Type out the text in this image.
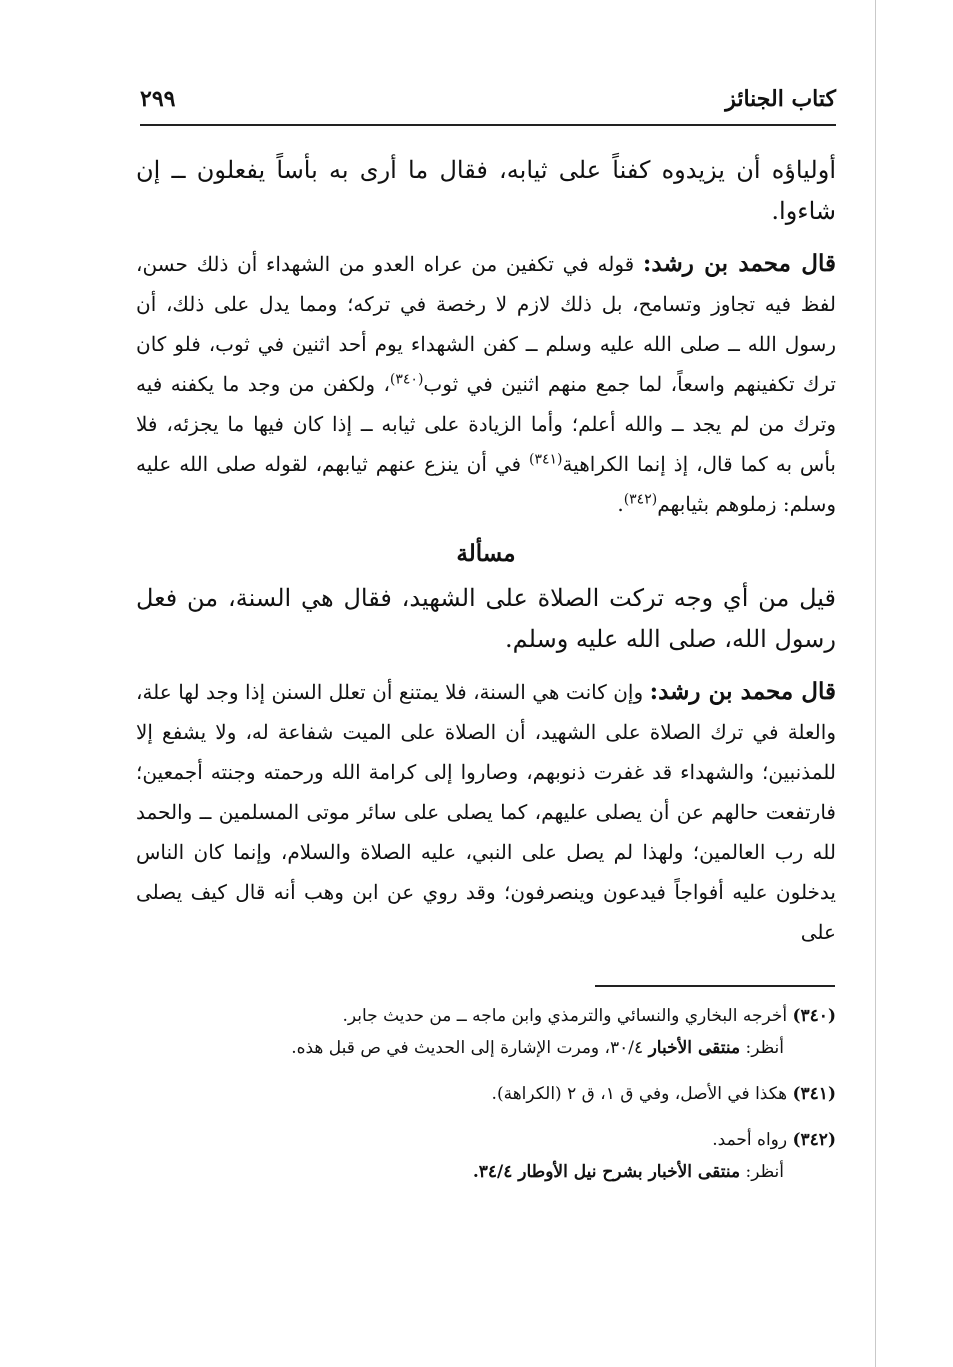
كتاب الجنائز
٢٩٩

أولياؤه أن يزيدوه كفناً على ثيابه، فقال ما أرى به بأساً يفعلون ــ إن شاءوا.

قال محمد بن رشد: قوله في تكفين من عراه العدو من الشهداء أن ذلك حسن، لفظ فيه تجاوز وتسامح، بل ذلك لازم لا رخصة في تركه؛ ومما يدل على ذلك، أن رسول الله ــ صلى الله عليه وسلم ــ كفن الشهداء يوم أحد اثنين في ثوب، فلو كان ترك تكفينهم واسعاً، لما جمع منهم اثنين في ثوب$^{(٣٤٠)}$، ولكفن من وجد ما يكفنه فيه وترك من لم يجد ــ والله أعلم؛ وأما الزيادة على ثيابه ــ إذا كان فيها ما يجزئه، فلا بأس به كما قال، إذ إنما الكراهية$^{(٣٤١)}$ في أن ينزع عنهم ثيابهم، لقوله صلى الله عليه وسلم: زملوهم بثيابهم$^{(٣٤٢)}$.

مسألة

قيل من أي وجه تركت الصلاة على الشهيد، فقال هي السنة، من فعل رسول الله، صلى الله عليه وسلم.

قال محمد بن رشد: وإن كانت هي السنة، فلا يمتنع أن تعلل السنن إذا وجد لها علة، والعلة في ترك الصلاة على الشهيد، أن الصلاة على الميت شفاعة له، ولا يشفع إلا للمذنبين؛ والشهداء قد غفرت ذنوبهم، وصاروا إلى كرامة الله ورحمته وجنته أجمعين؛ فارتفعت حالهم عن أن يصلى عليهم، كما يصلى على سائر موتى المسلمين ــ والحمد لله رب العالمين؛ ولهذا لم يصل على النبي، عليه الصلاة والسلام، وإنما كان الناس يدخلون عليه أفواجاً فيدعون وينصرفون؛ وقد روي عن ابن وهب أنه قال كيف يصلى على

(٣٤٠) أخرجه البخاري والنسائي والترمذي وابن ماجه ــ من حديث جابر.
أنظر: منتقى الأخبار ٣٠/٤، ومرت الإشارة إلى الحديث في ص قبل هذه.
(٣٤١) هكذا في الأصل، وفي ق ١، ق ٢ (الكراهة).
(٣٤٢) رواه أحمد.
أنظر: منتقى الأخبار بشرح نيل الأوطار ٣٤/٤.
